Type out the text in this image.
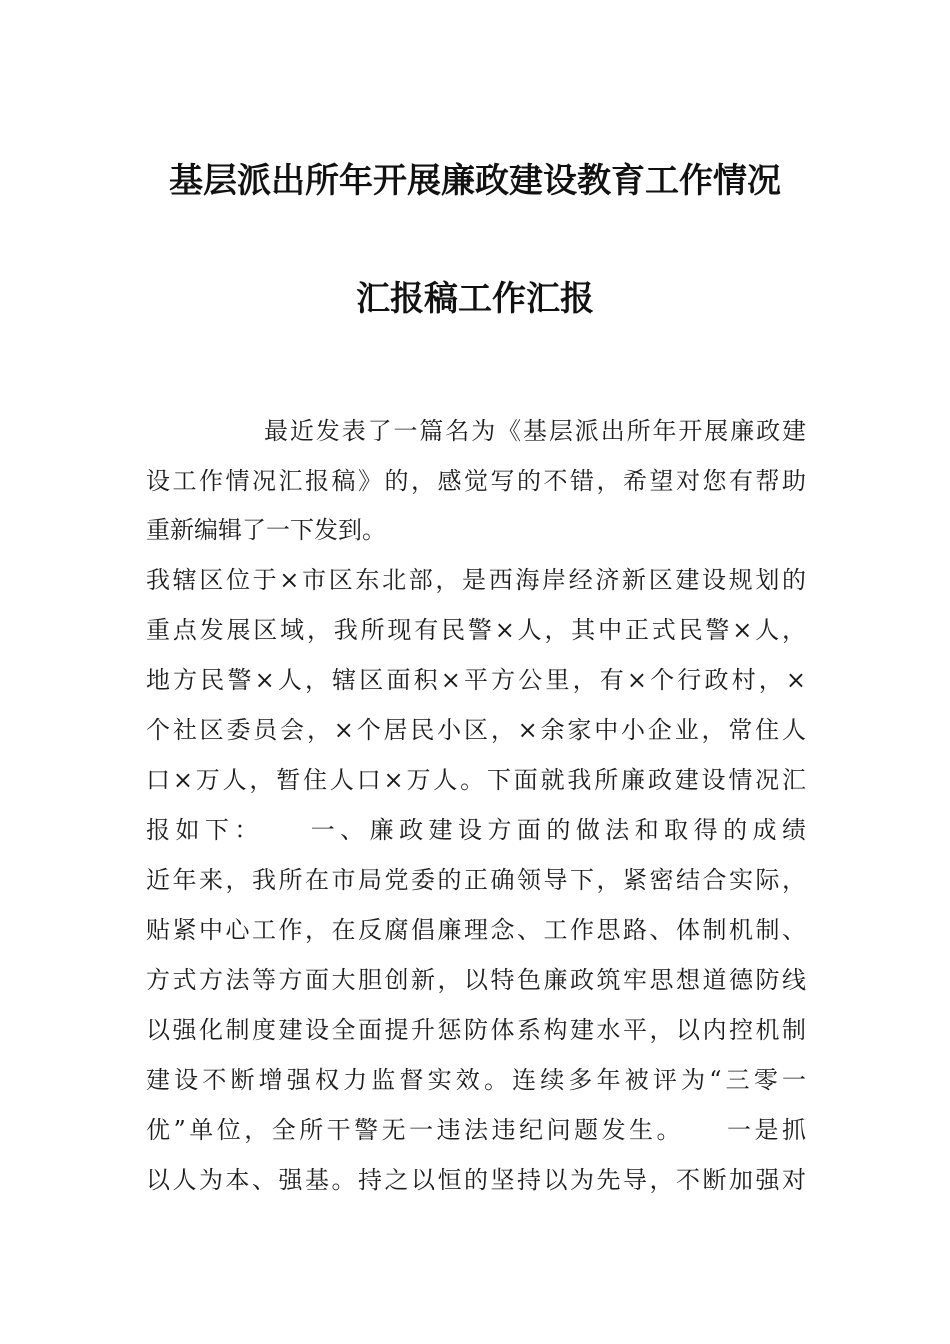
基层派出所年开展廉政建设教育工作情况
汇报稿工作汇报
最近发表了一篇名为《基层派出所年开展廉政建
设工作情况汇报稿》的，感觉写的不错，希望对您有帮助
重新编辑了一下发到。
我辖区位于×市区东北部，是西海岸经济新区建设规划的
重点发展区域，我所现有民警×人，其中正式民警×人，
地方民警×人，辖区面积×平方公里，有×个行政村，×
个社区委员会，×个居民小区，×余家中小企业，常住人
口×万人，暂住人口×万人。下面就我所廉政建设情况汇
报如下：　　一、廉政建设方面的做法和取得的成绩
近年来，我所在市局党委的正确领导下，紧密结合实际，
贴紧中心工作，在反腐倡廉理念、工作思路、体制机制、
方式方法等方面大胆创新，以特色廉政筑牢思想道德防线
以强化制度建设全面提升惩防体系构建水平，以内控机制
建设不断增强权力监督实效。连续多年被评为“三零一
优”单位，全所干警无一违法违纪问题发生。　　一是抓
以人为本、强基。持之以恒的坚持以为先导，不断加强对
